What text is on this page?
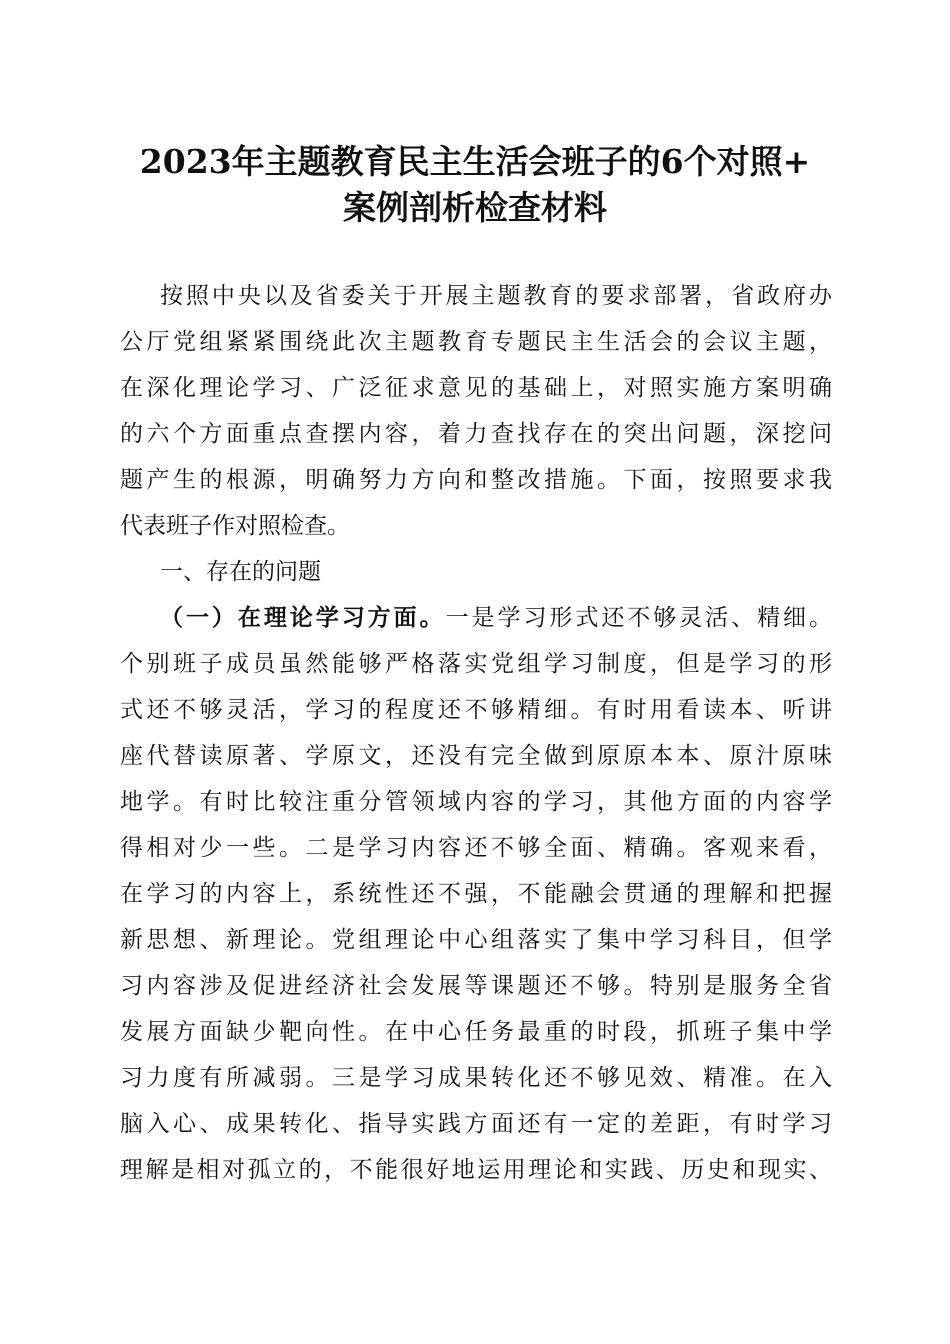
2023年主题教育民主生活会班子的6个对照+
案例剖析检查材料
按照中央以及省委关于开展主题教育的要求部署，省政府办
公厅党组紧紧围绕此次主题教育专题民主生活会的会议主题，
在深化理论学习、广泛征求意见的基础上，对照实施方案明确
的六个方面重点查摆内容，着力查找存在的突出问题，深挖问
题产生的根源，明确努力方向和整改措施。下面，按照要求我
代表班子作对照检查。
一、存在的问题
（一）在理论学习方面。一是学习形式还不够灵活、精细。
个别班子成员虽然能够严格落实党组学习制度，但是学习的形
式还不够灵活，学习的程度还不够精细。有时用看读本、听讲
座代替读原著、学原文，还没有完全做到原原本本、原汁原味
地学。有时比较注重分管领域内容的学习，其他方面的内容学
得相对少一些。二是学习内容还不够全面、精确。客观来看，
在学习的内容上，系统性还不强，不能融会贯通的理解和把握
新思想、新理论。党组理论中心组落实了集中学习科目，但学
习内容涉及促进经济社会发展等课题还不够。特别是服务全省
发展方面缺少靶向性。在中心任务最重的时段，抓班子集中学
习力度有所减弱。三是学习成果转化还不够见效、精准。在入
脑入心、成果转化、指导实践方面还有一定的差距，有时学习
理解是相对孤立的，不能很好地运用理论和实践、历史和现实、
